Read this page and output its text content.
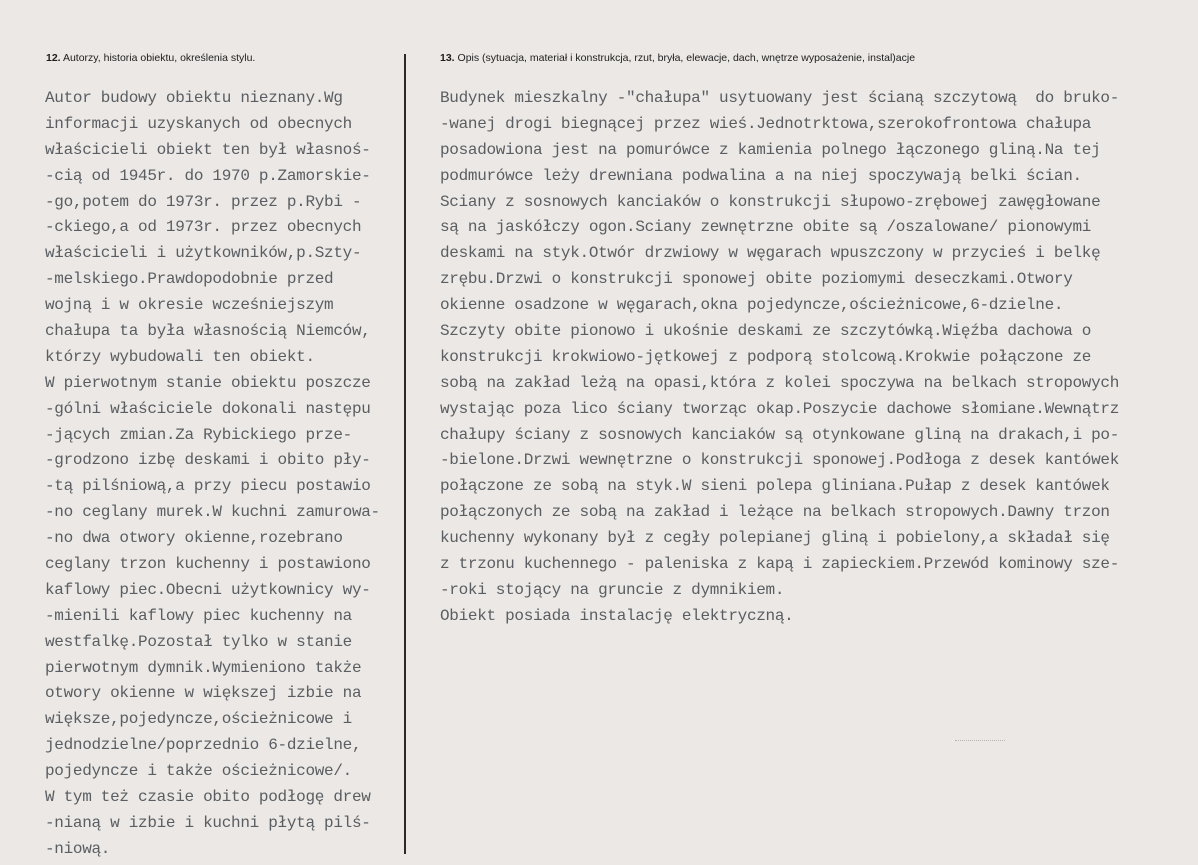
12. Autorzy, historia obiektu, określenia stylu.	13. Opis (sytuacja, materiał i konstrukcja, rzut, bryła, elewacje, dach, wnętrze wyposażenie, instal)acje
Autor budowy obiektu nieznany.Wg
informacji uzyskanych od obecnych
właścicieli obiekt ten był własnoś-
-cią od 1945r. do 1970 p.Zamorskie-
-go,potem do 1973r. przez p.Rybi -
-ckiego,a od 1973r. przez obecnych
właścicieli i użytkowników,p.Szty-
-melskiego.Prawdopodobnie przed
wojną i w okresie wcześniejszym
chałupa ta była własnością Niemców,
którzy wybudowali ten obiekt.
W pierwotnym stanie obiektu poszcze
-gólni właściciele dokonali następu
-jących zmian.Za Rybickiego prze-
-grodzono izbę deskami i obito pły-
-tą pilśniową,a przy piecu postawio
-no ceglany murek.W kuchni zamurowa-
-no dwa otwory okienne,rozebrano
ceglany trzon kuchenny i postawiono
kaflowy piec.Obecni użytkownicy wy-
-mienili kaflowy piec kuchenny na
westfalkę.Pozostał tylko w stanie
pierwotnym dymnik.Wymieniono także
otwory okienne w większej izbie na
większe,pojedyncze,ościeżnicowe i
jednodzielne/poprzednio 6-dzielne,
pojedyncze i także ościeżnicowe/.
W tym też czasie obito podłogę drew
-nianą w izbie i kuchni płytą pilś-
-niową.
Budynek mieszkalny -"chałupa" usytuowany jest ścianą szczytową  do bruko-
-wanej drogi biegnącej przez wieś.Jednotrktowa,szerokofrontowa chałupa
posadowiona jest na pomurówce z kamienia polnego łączonego gliną.Na tej
podmurówce leży drewniana podwalina a na niej spoczywają belki ścian.
Sciany z sosnowych kanciaków o konstrukcji słupowo-zrębowej zawęgłowane
są na jaskółczy ogon.Sciany zewnętrzne obite są /oszalowane/ pionowymi
deskami na styk.Otwór drzwiowy w węgarach wpuszczony w przycieś i belkę
zrębu.Drzwi o konstrukcji sponowej obite poziomymi deseczkami.Otwory
okienne osadzone w węgarach,okna pojedyncze,ościeżnicowe,6-dzielne.
Szczyty obite pionowo i ukośnie deskami ze szczytówką.Więźba dachowa o
konstrukcji krokwiowo-jętkowej z podporą stolcową.Krokwie połączone ze
sobą na zakład leżą na opasi,która z kolei spoczywa na belkach stropowych
wystając poza lico ściany tworząc okap.Poszycie dachowe słomiane.Wewnątrz
chałupy ściany z sosnowych kanciaków są otynkowane gliną na drakach,i po-
-bielone.Drzwi wewnętrzne o konstrukcji sponowej.Podłoga z desek kantówek
połączone ze sobą na styk.W sieni polepa gliniana.Pułap z desek kantówek
połączonych ze sobą na zakład i leżące na belkach stropowych.Dawny trzon
kuchenny wykonany był z cegły polepianej gliną i pobielony,a składał się
z trzonu kuchennego - paleniska z kapą i zapieckiem.Przewód kominowy sze-
-roki stojący na gruncie z dymnikiem.
Obiekt posiada instalację elektryczną.
